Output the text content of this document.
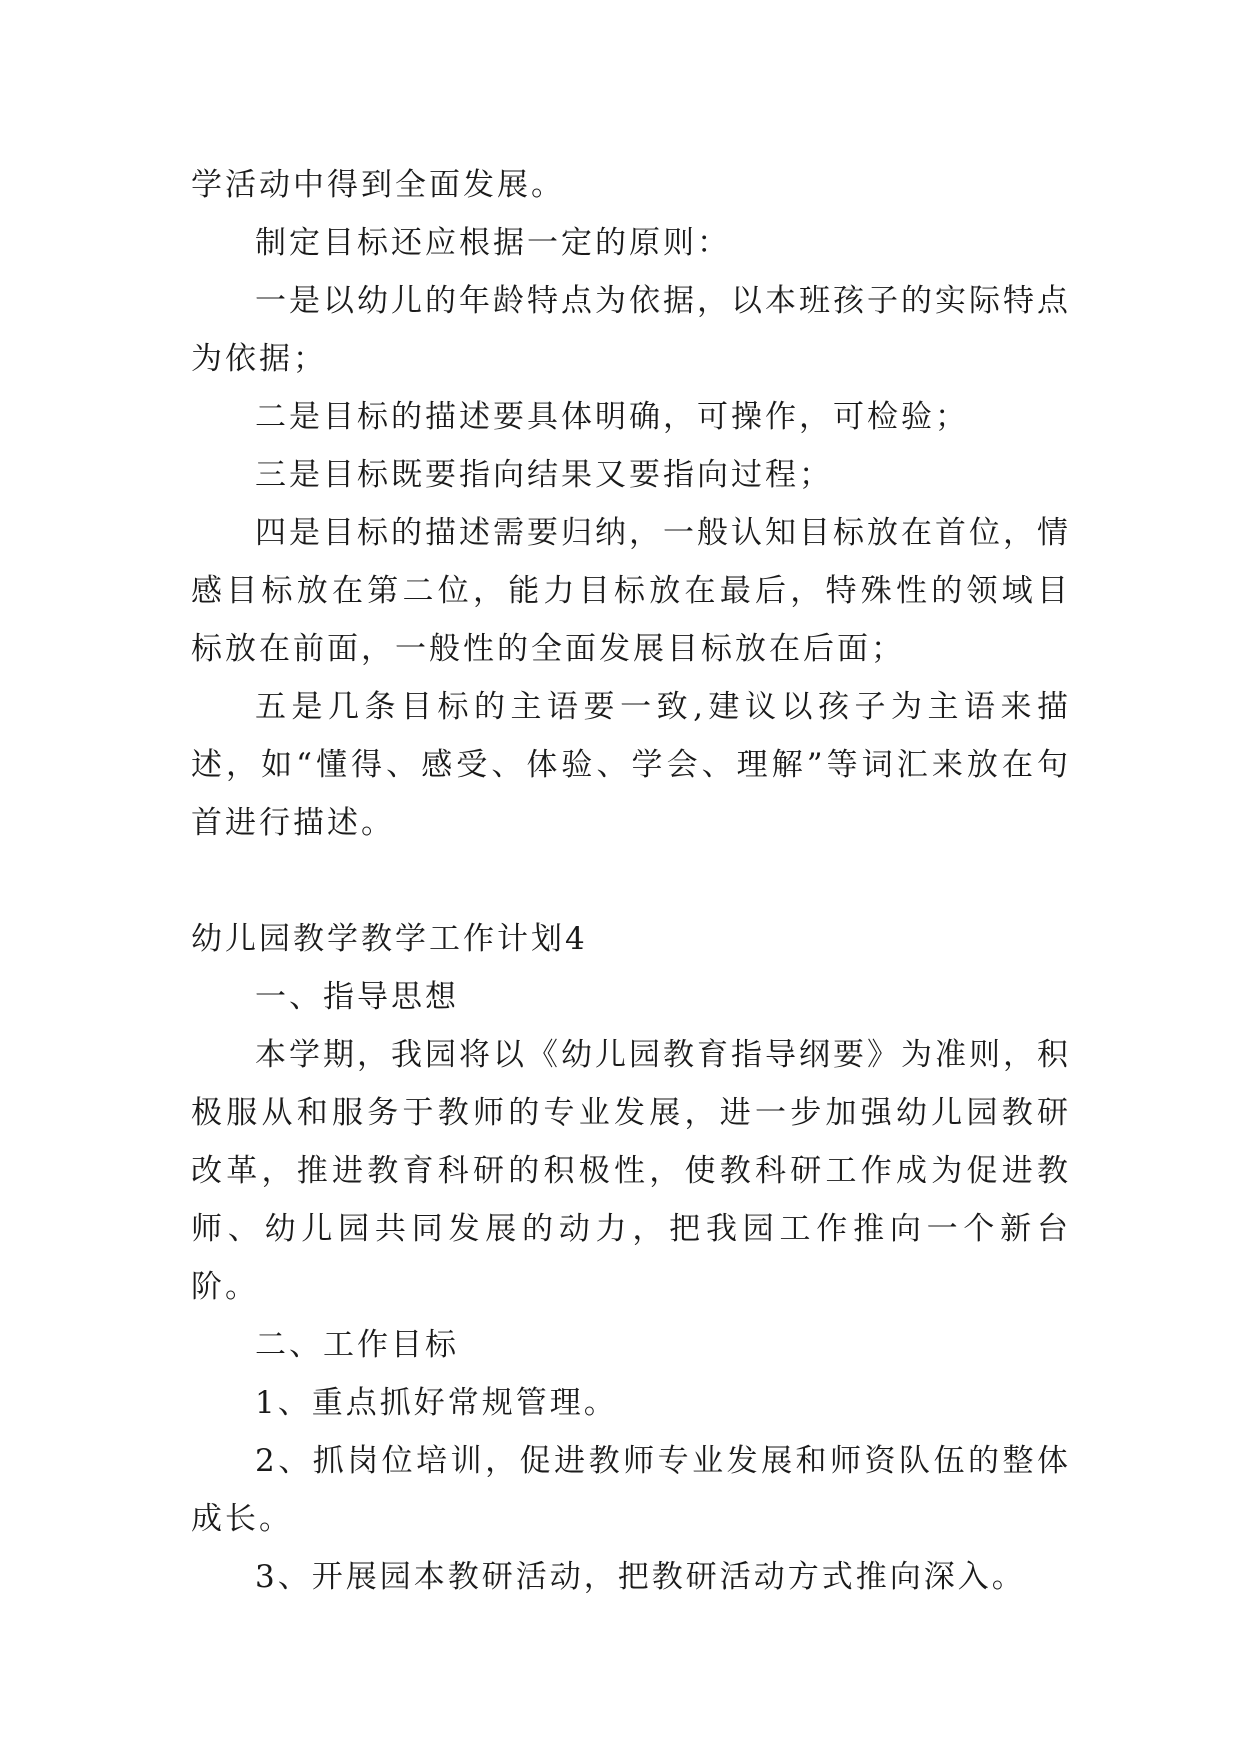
学活动中得到全面发展。

制定目标还应根据一定的原则：

一是以幼儿的年龄特点为依据，以本班孩子的实际特点为依据；

二是目标的描述要具体明确，可操作，可检验；

三是目标既要指向结果又要指向过程；

四是目标的描述需要归纳，一般认知目标放在首位，情感目标放在第二位，能力目标放在最后，特殊性的领域目标放在前面，一般性的全面发展目标放在后面；

五是几条目标的主语要一致,建议以孩子为主语来描述，如“懂得、感受、体验、学会、理解”等词汇来放在句首进行描述。

幼儿园教学教学工作计划4

一、指导思想

本学期，我园将以《幼儿园教育指导纲要》为准则，积极服从和服务于教师的专业发展，进一步加强幼儿园教研改革，推进教育科研的积极性，使教科研工作成为促进教师、幼儿园共同发展的动力，把我园工作推向一个新台阶。

二、工作目标

1、重点抓好常规管理。

2、抓岗位培训，促进教师专业发展和师资队伍的整体成长。

3、开展园本教研活动，把教研活动方式推向深入。
